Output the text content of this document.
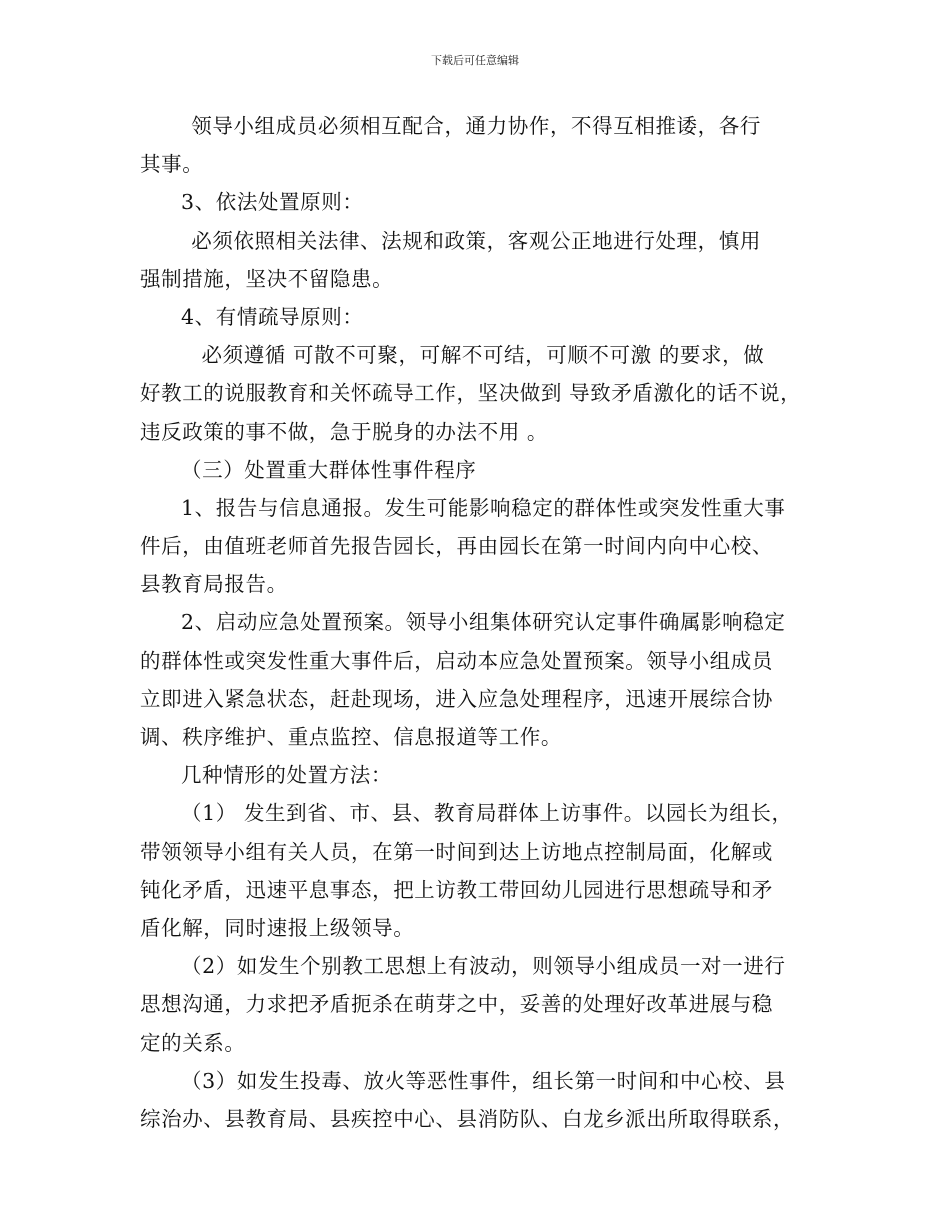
下载后可任意编辑
领导小组成员必须相互配合，通力协作，不得互相推诿，各行
其事。
3、依法处置原则：
必须依照相关法律、法规和政策，客观公正地进行处理，慎用
强制措施，坚决不留隐患。
4、有情疏导原则：
必须遵循 可散不可聚，可解不可结，可顺不可激 的要求，做
好教工的说服教育和关怀疏导工作，坚决做到 导致矛盾激化的话不说，
违反政策的事不做，急于脱身的办法不用 。
（三）处置重大群体性事件程序
1、报告与信息通报。发生可能影响稳定的群体性或突发性重大事
件后，由值班老师首先报告园长，再由园长在第一时间内向中心校、
县教育局报告。
2、启动应急处置预案。领导小组集体研究认定事件确属影响稳定
的群体性或突发性重大事件后，启动本应急处置预案。领导小组成员
立即进入紧急状态，赶赴现场，进入应急处理程序，迅速开展综合协
调、秩序维护、重点监控、信息报道等工作。
几种情形的处置方法：
（1） 发生到省、市、县、教育局群体上访事件。以园长为组长，
带领领导小组有关人员，在第一时间到达上访地点控制局面，化解或
钝化矛盾，迅速平息事态，把上访教工带回幼儿园进行思想疏导和矛
盾化解，同时速报上级领导。
（2）如发生个别教工思想上有波动，则领导小组成员一对一进行
思想沟通，力求把矛盾扼杀在萌芽之中，妥善的处理好改革进展与稳
定的关系。
（3）如发生投毒、放火等恶性事件，组长第一时间和中心校、县
综治办、县教育局、县疾控中心、县消防队、白龙乡派出所取得联系，
